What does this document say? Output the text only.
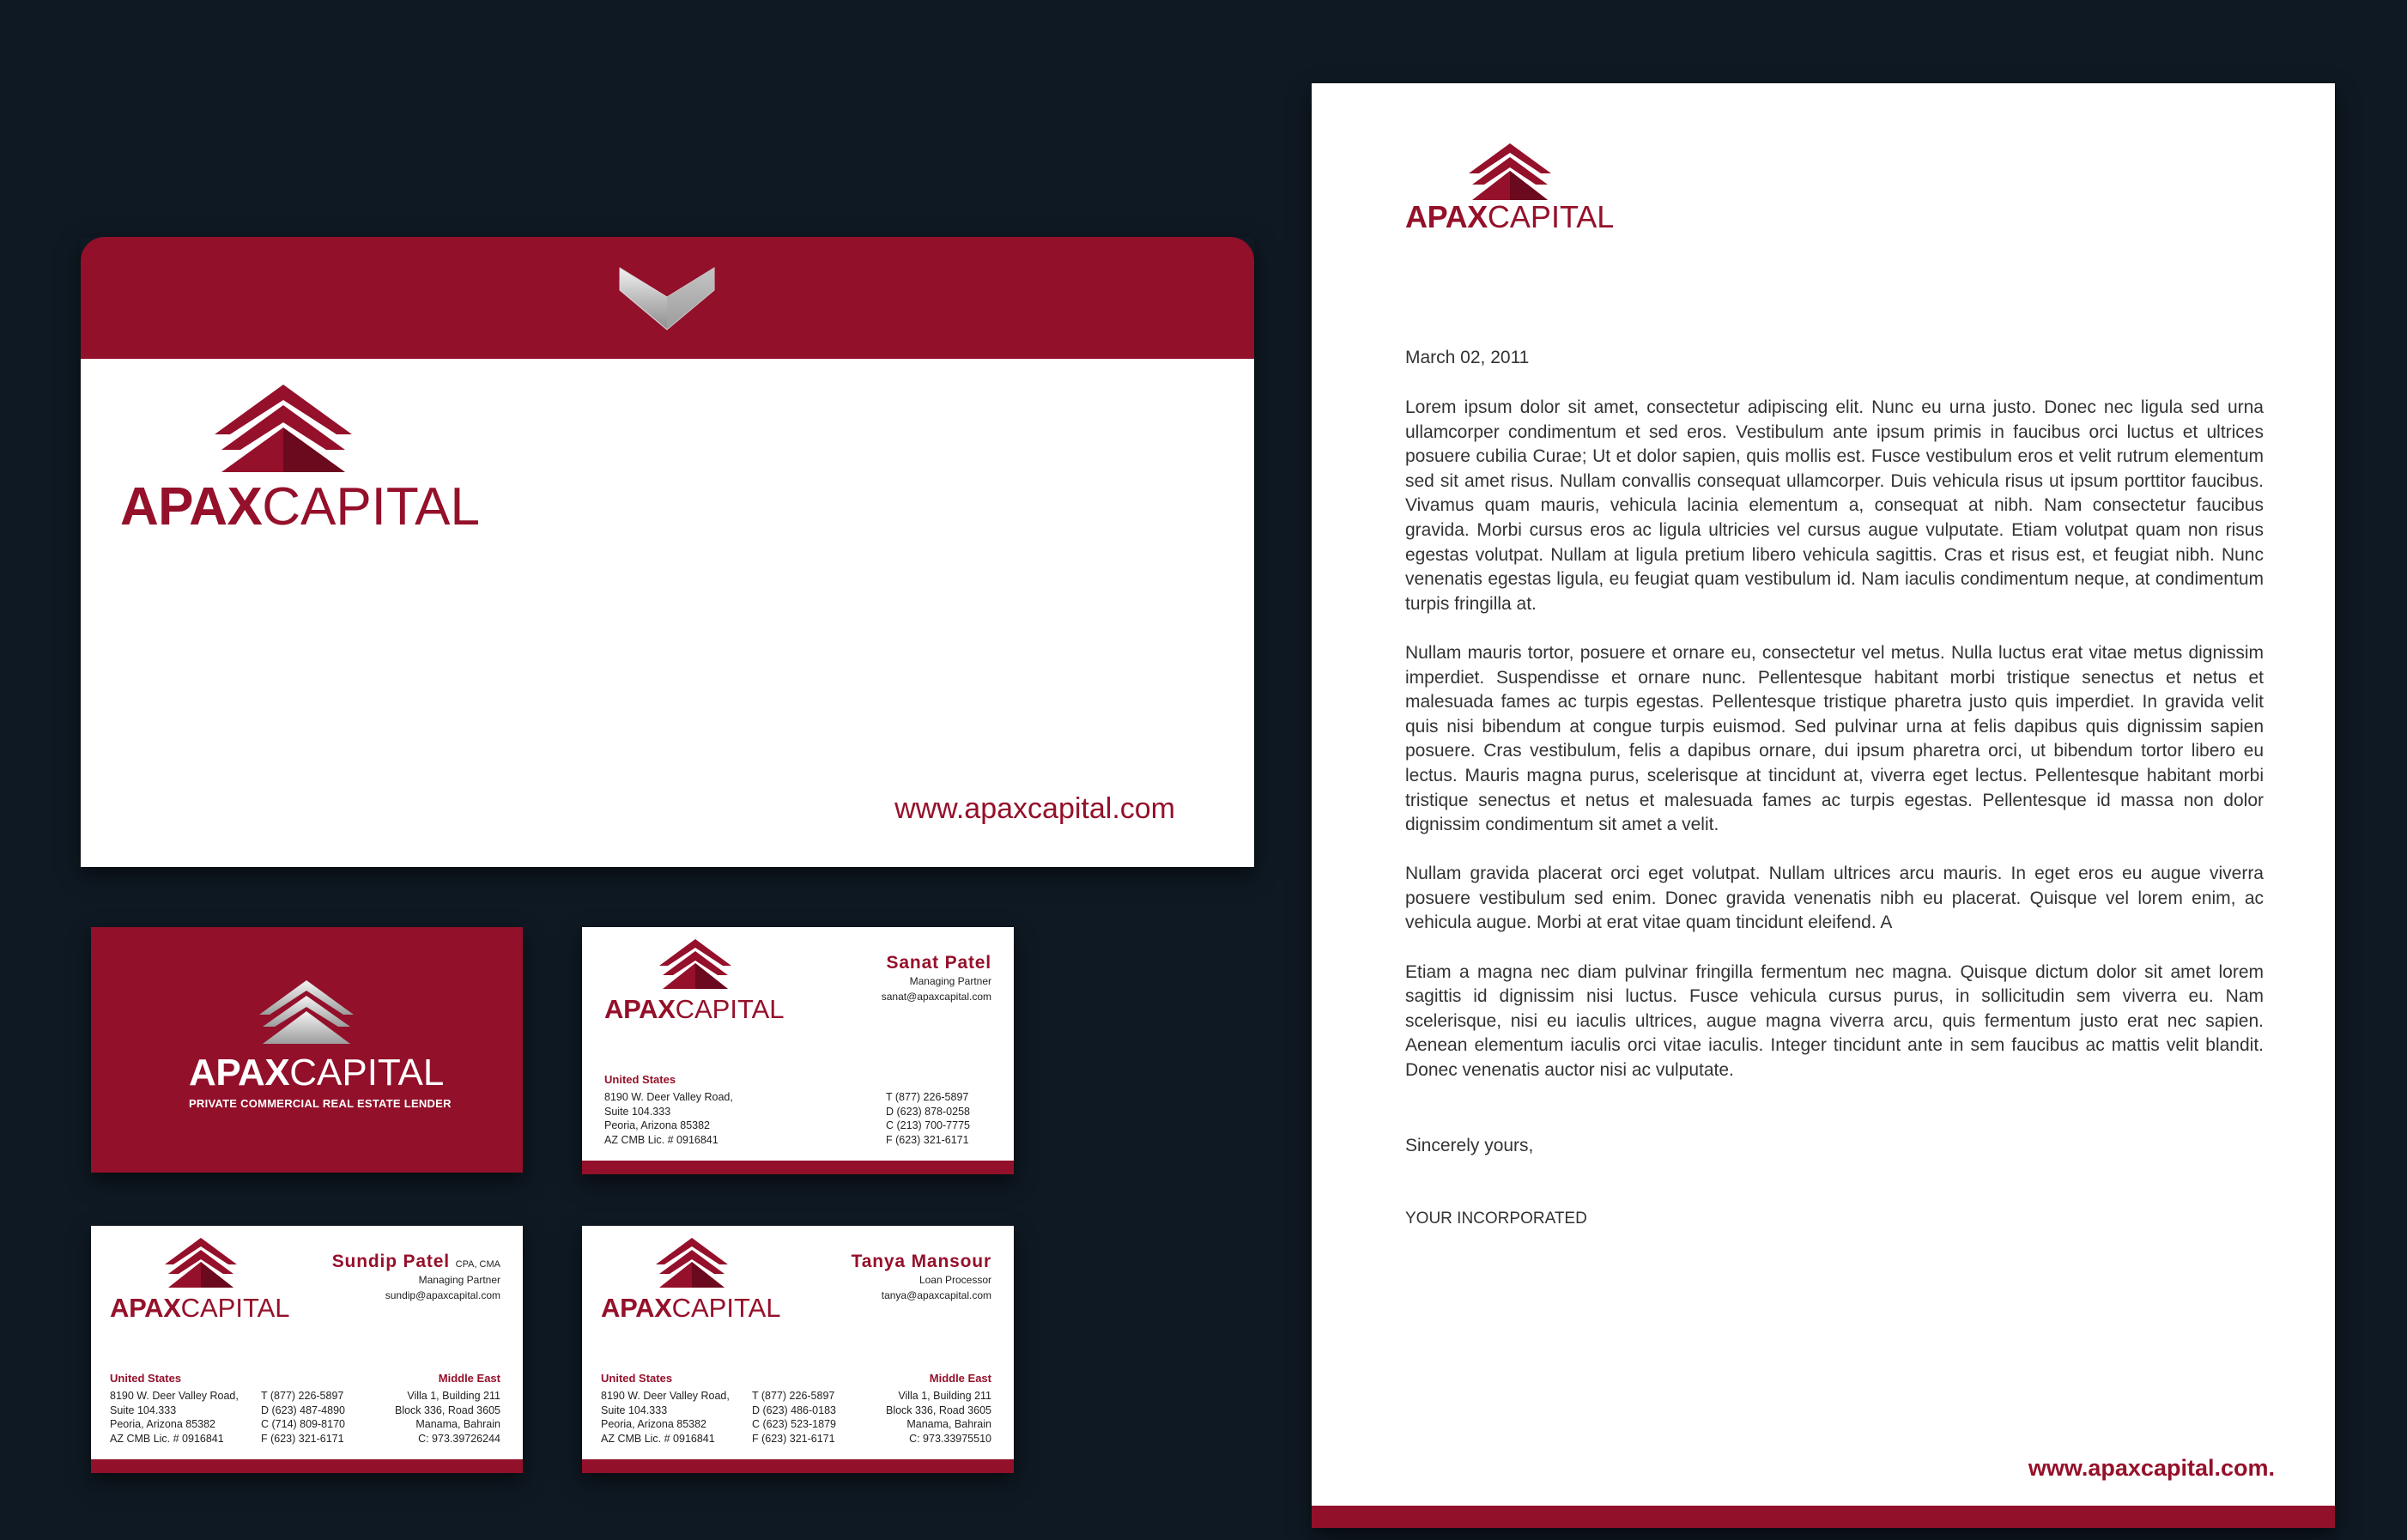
APAXCAPITAL
www.apaxcapital.com
APAXCAPITAL
PRIVATE COMMERCIAL REAL ESTATE LENDER
APAXCAPITAL
Sanat Patel
Managing Partner
sanat@apaxcapital.com
United States
8190 W. Deer Valley Road,
Suite 104.333
Peoria, Arizona 85382
AZ CMB Lic. # 0916841
T (877) 226-5897
D (623) 878-0258
C (213) 700-7775
F (623) 321-6171
APAXCAPITAL
Sundip Patel CPA, CMA
Managing Partner
sundip@apaxcapital.com
United States
8190 W. Deer Valley Road,
Suite 104.333
Peoria, Arizona 85382
AZ CMB Lic. # 0916841
T (877) 226-5897
D (623) 487-4890
C (714) 809-8170
F (623) 321-6171
Middle East
Villa 1, Building 211
Block 336, Road 3605
Manama, Bahrain
C: 973.39726244
APAXCAPITAL
Tanya Mansour
Loan Processor
tanya@apaxcapital.com
United States
8190 W. Deer Valley Road,
Suite 104.333
Peoria, Arizona 85382
AZ CMB Lic. # 0916841
T (877) 226-5897
D (623) 486-0183
C (623) 523-1879
F (623) 321-6171
Middle East
Villa 1, Building 211
Block 336, Road 3605
Manama, Bahrain
C: 973.33975510
APAXCAPITAL
March 02, 2011

Lorem ipsum dolor sit amet, consectetur adipiscing elit. Nunc eu urna justo. Donec nec ligula sed urna ullamcorper condimentum et sed eros. Vestibulum ante ipsum primis in faucibus orci luctus et ultrices posuere cubilia Curae; Ut et dolor sapien, quis mollis est. Fusce vestibulum eros et velit rutrum elementum sed sit amet risus. Nullam convallis consequat ullamcorper. Duis vehicula risus ut ipsum porttitor faucibus. Vivamus quam mauris, vehicula lacinia elementum a, consequat at nibh. Nam consectetur faucibus gravida. Morbi cursus eros ac ligula ultricies vel cursus augue vulputate. Etiam volutpat quam non risus egestas volutpat. Nullam at ligula pretium libero vehicula sagittis. Cras et risus est, et feugiat nibh. Nunc venenatis egestas ligula, eu feugiat quam vestibulum id. Nam iaculis condimentum neque, at condimentum turpis fringilla at.

Nullam mauris tortor, posuere et ornare eu, consectetur vel metus. Nulla luctus erat vitae metus dignissim imperdiet. Suspendisse et ornare nunc. Pellentesque habitant morbi tristique senectus et netus et malesuada fames ac turpis egestas. Pellentesque tristique pharetra justo quis imperdiet. In gravida velit quis nisi bibendum at congue turpis euismod. Sed pulvinar urna at felis dapibus quis dignissim sapien posuere. Cras vestibulum, felis a dapibus ornare, dui ipsum pharetra orci, ut bibendum tortor libero eu lectus. Mauris magna purus, scelerisque at tincidunt at, viverra eget lectus. Pellentesque habitant morbi tristique senectus et netus et malesuada fames ac turpis egestas. Pellentesque id massa non dolor dignissim condimentum sit amet a velit.

Nullam gravida placerat orci eget volutpat. Nullam ultrices arcu mauris. In eget eros eu augue viverra posuere vestibulum sed enim. Donec gravida venenatis nibh eu placerat. Quisque vel lorem enim, ac vehicula augue. Morbi at erat vitae quam tincidunt eleifend. A

Etiam a magna nec diam pulvinar fringilla fermentum nec magna. Quisque dictum dolor sit amet lorem sagittis id dignissim nisi luctus. Fusce vehicula cursus purus, in sollicitudin sem viverra eu. Nam scelerisque, nisi eu iaculis ultrices, augue magna viverra arcu, quis fermentum justo erat nec sapien. Aenean elementum iaculis orci vitae iaculis. Integer tincidunt ante in sem faucibus ac mattis velit blandit. Donec venenatis auctor nisi ac vulputate.

Sincerely yours,
YOUR INCORPORATED
www.apaxcapital.com.
